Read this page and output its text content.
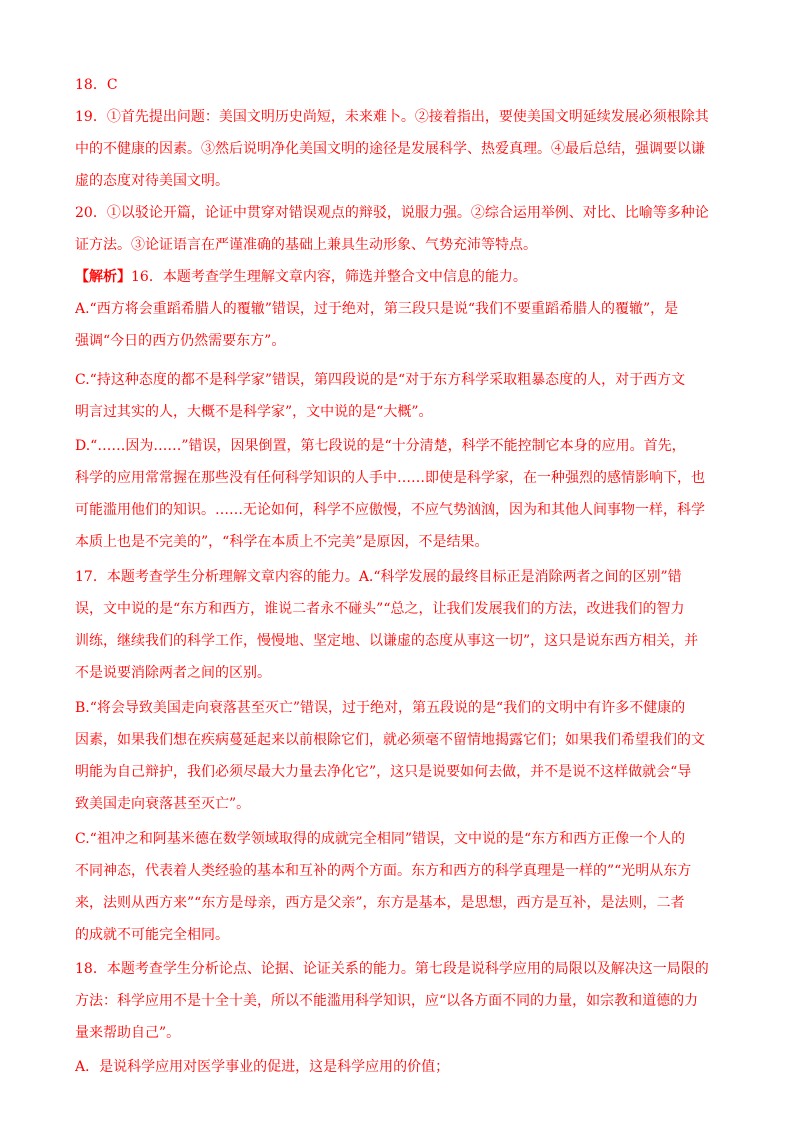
18．C
19．①首先提出问题：美国文明历史尚短，未来难卜。②接着指出，要使美国文明延续发展必须根除其
中的不健康的因素。③然后说明净化美国文明的途径是发展科学、热爱真理。④最后总结，强调要以谦
虚的态度对待美国文明。
20．①以驳论开篇，论证中贯穿对错误观点的辩驳，说服力强。②综合运用举例、对比、比喻等多种论
证方法。③论证语言在严谨准确的基础上兼具生动形象、气势充沛等特点。
【解析】16．本题考查学生理解文章内容，筛选并整合文中信息的能力。
A.“西方将会重蹈希腊人的覆辙”错误，过于绝对，第三段只是说“我们不要重蹈希腊人的覆辙”，是
强调“今日的西方仍然需要东方”。
C.“持这种态度的都不是科学家”错误，第四段说的是“对于东方科学采取粗暴态度的人，对于西方文
明言过其实的人，大概不是科学家”，文中说的是“大概”。
D.“……因为……”错误，因果倒置，第七段说的是“十分清楚，科学不能控制它本身的应用。首先，
科学的应用常常握在那些没有任何科学知识的人手中……即使是科学家，在一种强烈的感情影响下，也
可能滥用他们的知识。……无论如何，科学不应傲慢，不应气势汹汹，因为和其他人间事物一样，科学
本质上也是不完美的”，“科学在本质上不完美”是原因，不是结果。
17．本题考查学生分析理解文章内容的能力。A.“科学发展的最终目标正是消除两者之间的区别”错
误，文中说的是“东方和西方，谁说二者永不碰头”“总之，让我们发展我们的方法，改进我们的智力
训练，继续我们的科学工作，慢慢地、坚定地、以谦虚的态度从事这一切”，这只是说东西方相关，并
不是说要消除两者之间的区别。
B.“将会导致美国走向衰落甚至灭亡”错误，过于绝对，第五段说的是“我们的文明中有许多不健康的
因素，如果我们想在疾病蔓延起来以前根除它们，就必须毫不留情地揭露它们；如果我们希望我们的文
明能为自己辩护，我们必须尽最大力量去净化它”，这只是说要如何去做，并不是说不这样做就会“导
致美国走向衰落甚至灭亡”。
C.“祖冲之和阿基米德在数学领域取得的成就完全相同”错误，文中说的是“东方和西方正像一个人的
不同神态，代表着人类经验的基本和互补的两个方面。东方和西方的科学真理是一样的”“光明从东方
来，法则从西方来”“东方是母亲，西方是父亲”，东方是基本，是思想，西方是互补，是法则，二者
的成就不可能完全相同。
18．本题考查学生分析论点、论据、论证关系的能力。第七段是说科学应用的局限以及解决这一局限的
方法：科学应用不是十全十美，所以不能滥用科学知识，应“以各方面不同的力量，如宗教和道德的力
量来帮助自己”。
A．是说科学应用对医学事业的促进，这是科学应用的价值；
